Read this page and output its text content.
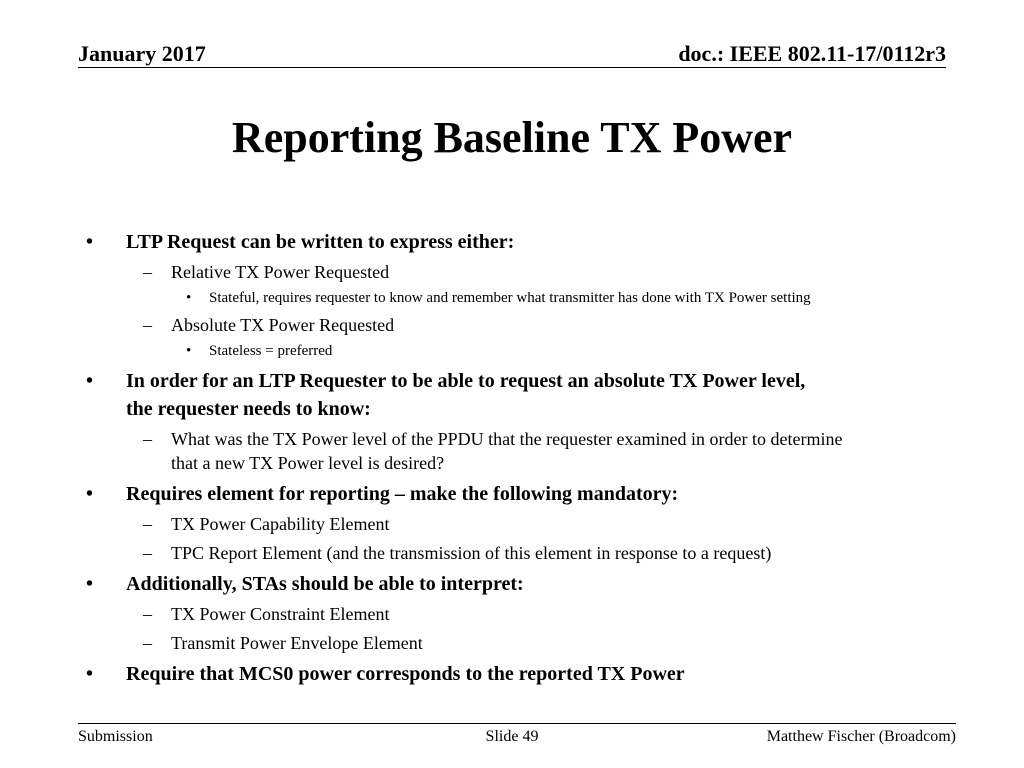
January 2017	doc.: IEEE 802.11-17/0112r3
Reporting Baseline TX Power
• LTP Request can be written to express either:
– Relative TX Power Requested
• Stateful, requires requester to know and remember what transmitter has done with TX Power setting
– Absolute TX Power Requested
• Stateless = preferred
• In order for an LTP Requester to be able to request an absolute TX Power level,
the requester needs to know:
– What was the TX Power level of the PPDU that the requester examined in order to determine
that a new TX Power level is desired?
• Requires element for reporting – make the following mandatory:
– TX Power Capability Element
– TPC Report Element (and the transmission of this element in response to a request)
• Additionally, STAs should be able to interpret:
– TX Power Constraint Element
– Transmit Power Envelope Element
• Require that MCS0 power corresponds to the reported TX Power
Submission	Slide 49	Matthew Fischer (Broadcom)
